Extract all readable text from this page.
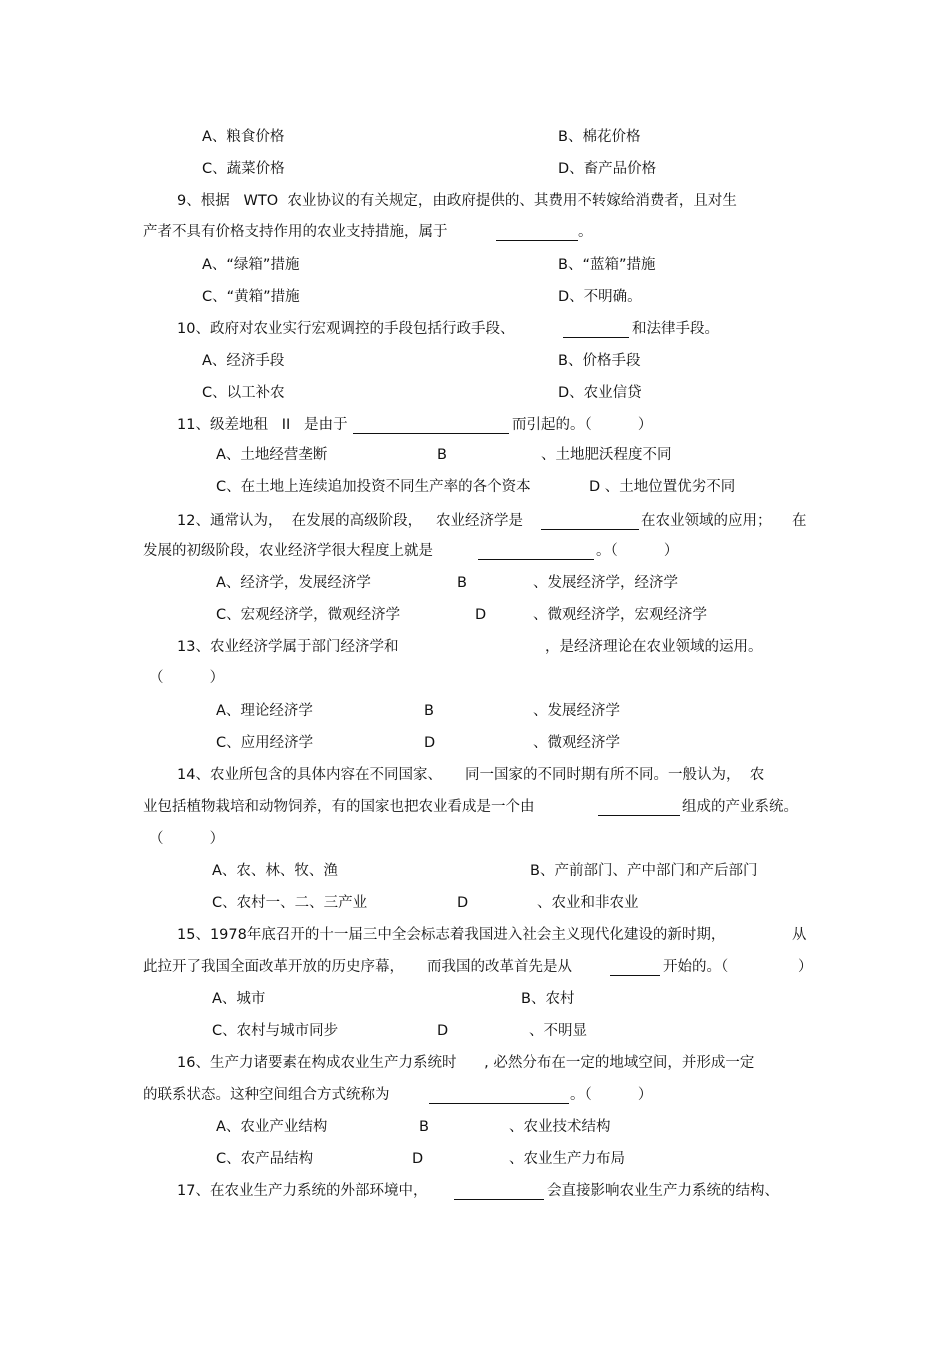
A、粮食价格	B、棉花价格
C、蔬菜价格	D、畜产品价格
9、根据   WTO  农业协议的有关规定，由政府提供的、其费用不转嫁给消费者，且对生
产者不具有价格支持作用的农业支持措施，属于	。
A、“绿箱”措施	B、“蓝箱”措施
C、“黄箱”措施	D、不明确。
10、政府对农业实行宏观调控的手段包括行政手段、	和法律手段。
A、经济手段	B、价格手段
C、以工补农	D、农业信贷
11、级差地租   II   是由于	而引起的。（          ）
A、土地经营垄断	B	、土地肥沃程度不同
C、在土地上连续追加投资不同生产率的各个资本	D 、土地位置优劣不同
12、通常认为，  在发展的高级阶段，   农业经济学是	在农业领域的应用； 在
发展的初级阶段，农业经济学很大程度上就是	。（          ）
A、经济学，发展经济学	B	、发展经济学，经济学
C、宏观经济学，微观经济学	D	、微观经济学，宏观经济学
13、农业经济学属于部门经济学和	，是经济理论在农业领域的运用。
（          ）
A、理论经济学	B	、发展经济学
C、应用经济学	D	、微观经济学
14、农业所包含的具体内容在不同国家、     同一国家的不同时期有所不同。一般认为，  农
业包括植物栽培和动物饲养，有的国家也把农业看成是一个由	组成的产业系统。
（          ）
A、农、林、牧、渔	B、产前部门、产中部门和产后部门
C、农村一、二、三产业	D	、农业和非农业
15、1978年底召开的十一届三中全会标志着我国进入社会主义现代化建设的新时期，	从
此拉开了我国全面改革开放的历史序幕，     而我国的改革首先是从	开始的。（	）
A、城市	B、农村
C、农村与城市同步	D	、不明显
16、生产力诸要素在构成农业生产力系统时      , 必然分布在一定的地域空间，并形成一定
的联系状态。这种空间组合方式统称为	。（          ）
A、农业产业结构	B	、农业技术结构
C、农产品结构	D	、农业生产力布局
17、在农业生产力系统的外部环境中，	会直接影响农业生产力系统的结构、
